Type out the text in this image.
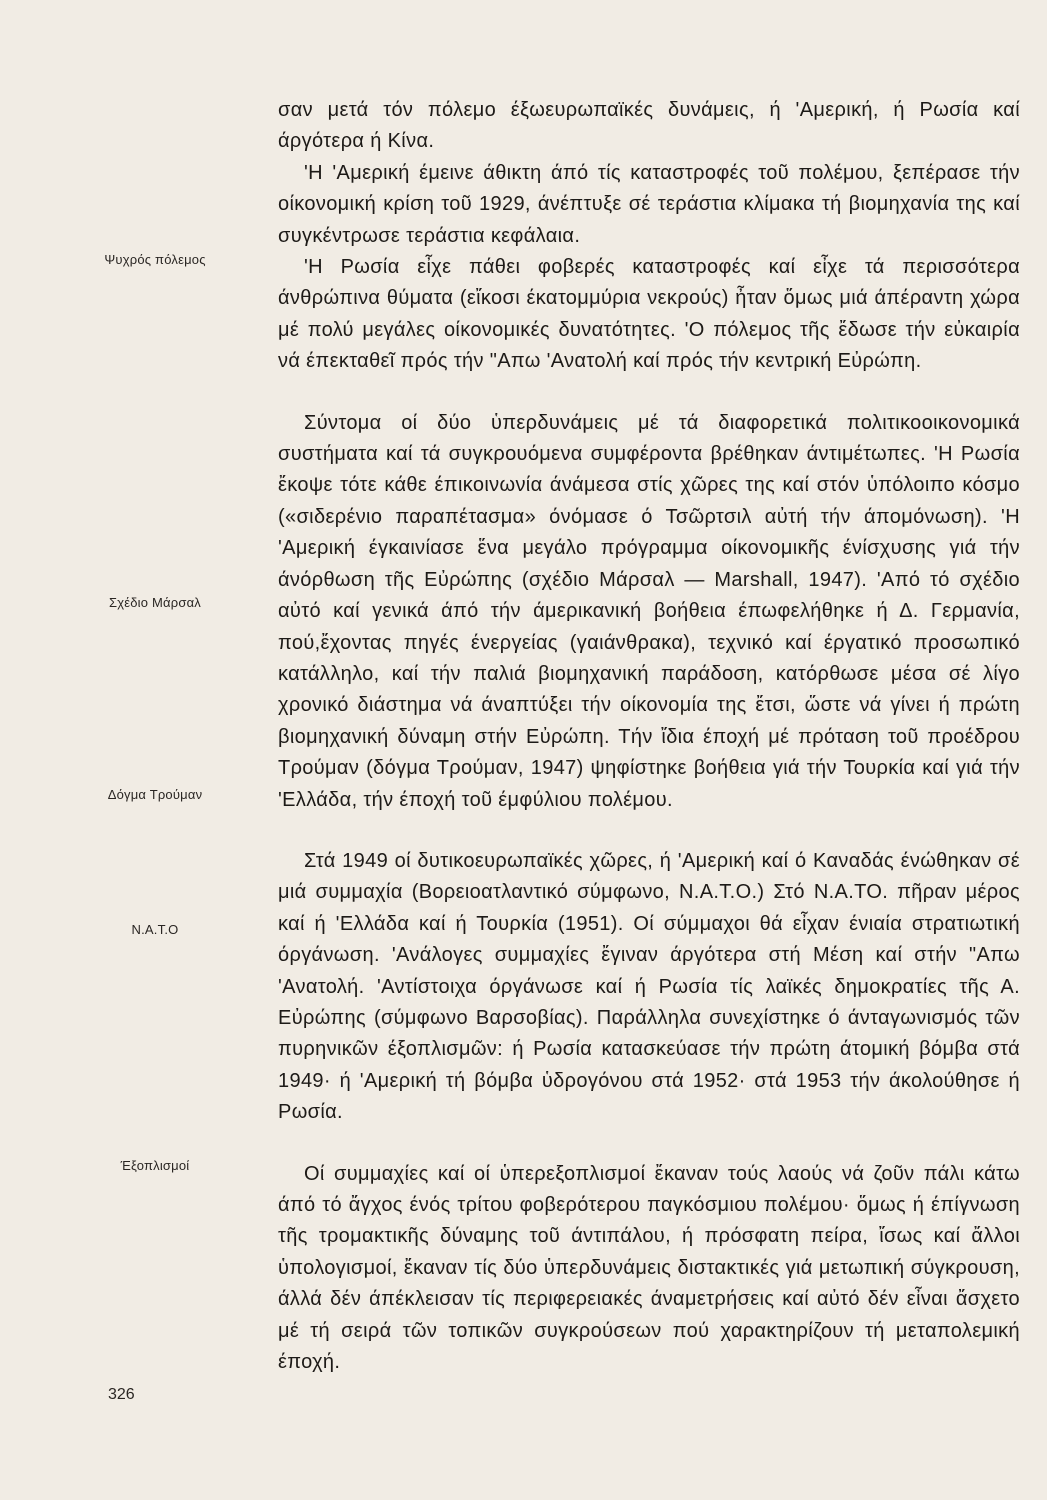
Ψυχρός πόλεμος
Σχέδιο Μάρσαλ
Δόγμα Τρούμαν
Ν.Α.Τ.Ο
Έξοπλισμοί

σαν μετά τόν πόλεμο έξωευρωπαϊκές δυνάμεις, ή 'Αμερική, ή Ρωσία καί άργότερα ή Κίνα.

'Η 'Αμερική έμεινε άθικτη άπό τίς καταστροφές τοῦ πολέμου, ξεπέρασε τήν οίκονομική κρίση τοῦ 1929, άνέπτυξε σέ τεράστια κλίμακα τή βιομηχανία της καί συγκέντρωσε τεράστια κεφάλαια.

'Η Ρωσία εἶχε πάθει φοβερές καταστροφές καί εἶχε τά περισσότερα άνθρώπινα θύματα (εἴκοσι έκατομμύρια νεκρούς) ἦταν ὅμως μιά άπέραντη χώρα μέ πολύ μεγάλες οίκονομικές δυνατότητες. 'Ο πόλεμος τῆς ἔδωσε τήν εὐκαιρία νά έπεκταθεῖ πρός τήν "Απω 'Ανατολή καί πρός τήν κεντρική Εὐρώπη.

Σύντομα οί δύο ὑπερδυνάμεις μέ τά διαφορετικά πολιτικοοικονομικά συστήματα καί τά συγκρουόμενα συμφέροντα βρέθηκαν άντιμέτωπες. 'Η Ρωσία ἔκοψε τότε κάθε έπικοινωνία άνάμεσα στίς χῶρες της καί στόν ὑπόλοιπο κόσμο («σιδερένιο παραπέτασμα» όνόμασε ό Τσῶρτσιλ αὐτή τήν άπομόνωση). 'Η 'Αμερική έγκαινίασε ἕνα μεγάλο πρόγραμμα οίκονομικῆς ένίσχυσης γιά τήν άνόρθωση τῆς Εὐρώπης (σχέδιο Μάρσαλ — Marshall, 1947). 'Από τό σχέδιο αὐτό καί γενικά άπό τήν άμερικανική βοήθεια έπωφελήθηκε ή Δ. Γερμανία, πού,ἔχοντας πηγές ένεργείας (γαιάνθρακα), τεχνικό καί έργατικό προσωπικό κατάλληλο, καί τήν παλιά βιομηχανική παράδοση, κατόρθωσε μέσα σέ λίγο χρονικό διάστημα νά άναπτύξει τήν οίκονομία της ἔτσι, ὥστε νά γίνει ή πρώτη βιομηχανική δύναμη στήν Εὐρώπη. Τήν ἴδια έποχή μέ πρόταση τοῦ προέδρου Τρούμαν (δόγμα Τρούμαν, 1947) ψηφίστηκε βοήθεια γιά τήν Τουρκία καί γιά τήν 'Ελλάδα, τήν έποχή τοῦ έμφύλιου πολέμου.

Στά 1949 οί δυτικοευρωπαϊκές χῶρες, ή 'Αμερική καί ό Καναδάς ένώθηκαν σέ μιά συμμαχία (Βορειοατλαντικό σύμφωνο, Ν.Α.Τ.Ο.) Στό Ν.Α.ΤΟ. πῆραν μέρος καί ή 'Ελλάδα καί ή Τουρκία (1951). Οί σύμμαχοι θά εἶχαν ένιαία στρατιωτική όργάνωση. 'Ανάλογες συμμαχίες ἔγιναν άργότερα στή Μέση καί στήν "Απω 'Ανατολή. 'Αντίστοιχα όργάνωσε καί ή Ρωσία τίς λαϊκές δημοκρατίες τῆς Α. Εὐρώπης (σύμφωνο Βαρσοβίας). Παράλληλα συνεχίστηκε ό άνταγωνισμός τῶν πυρηνικῶν έξοπλισμῶν: ή Ρωσία κατασκεύασε τήν πρώτη άτομική βόμβα στά 1949· ή 'Αμερική τή βόμβα ὑδρογόνου στά 1952· στά 1953 τήν άκολούθησε ή Ρωσία.

Οί συμμαχίες καί οί ὑπερεξοπλισμοί ἔκαναν τούς λαούς νά ζοῦν πάλι κάτω άπό τό ἄγχος ένός τρίτου φοβερότερου παγκόσμιου πολέμου· ὅμως ή έπίγνωση τῆς τρομακτικῆς δύναμης τοῦ άντιπάλου, ή πρόσφατη πείρα, ἴσως καί ἄλλοι ὑπολογισμοί, ἔκαναν τίς δύο ὑπερδυνάμεις διστακτικές γιά μετωπική σύγκρουση, άλλά δέν άπέκλεισαν τίς περιφερειακές άναμετρήσεις καί αὐτό δέν εἶναι ἄσχετο μέ τή σειρά τῶν τοπικῶν συγκρούσεων πού χαρακτηρίζουν τή μεταπολεμική έποχή.

326
